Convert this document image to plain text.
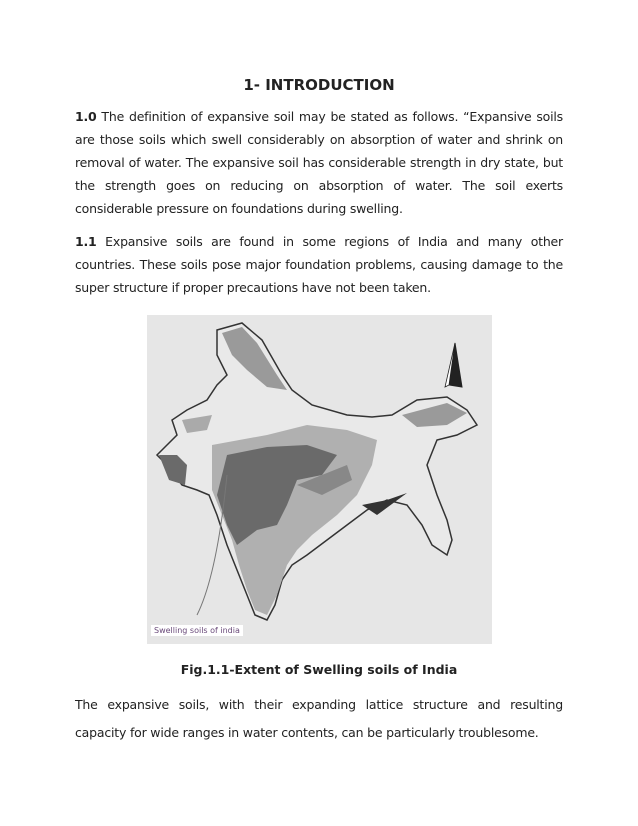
1- INTRODUCTION
1.0 The definition of expansive soil may be stated as follows. “Expansive soils are those soils which swell considerably on absorption of water and shrink on removal of water. The expansive soil has considerable strength in dry state, but the strength goes on reducing on absorption of water. The soil exerts considerable pressure on foundations during swelling.
1.1 Expansive soils are found in some regions of India and many other countries. These soils pose major foundation problems, causing damage to the super structure if proper precautions have not been taken.
Swelling soils of india
Fig.1.1-Extent of Swelling soils of India
The expansive soils, with their expanding lattice structure and resulting capacity for wide ranges in water contents, can be particularly troublesome.
